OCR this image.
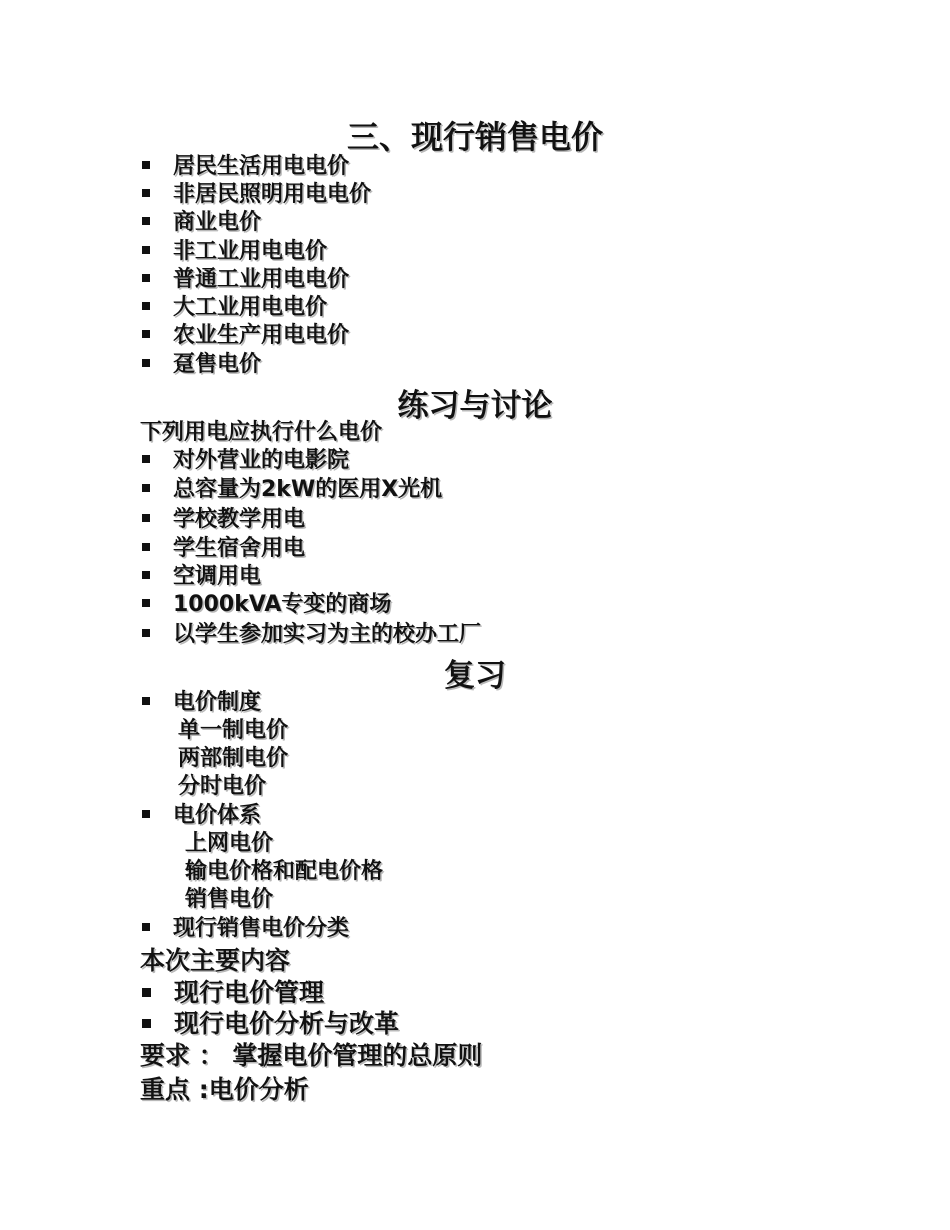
三、现行销售电价
居民生活用电电价
非居民照明用电电价
商业电价
非工业用电电价
普通工业用电电价
大工业用电电价
农业生产用电电价
趸售电价
练习与讨论
下列用电应执行什么电价
对外营业的电影院
总容量为2kW的医用X光机
学校教学用电
学生宿舍用电
空调用电
1000kVA专变的商场
以学生参加实习为主的校办工厂
复习
电价制度
单一制电价
两部制电价
分时电价
电价体系
上网电价
输电价格和配电价格
销售电价
现行销售电价分类
本次主要内容
现行电价管理
现行电价分析与改革
要求 ： 掌握电价管理的总原则
重点 :电价分析
